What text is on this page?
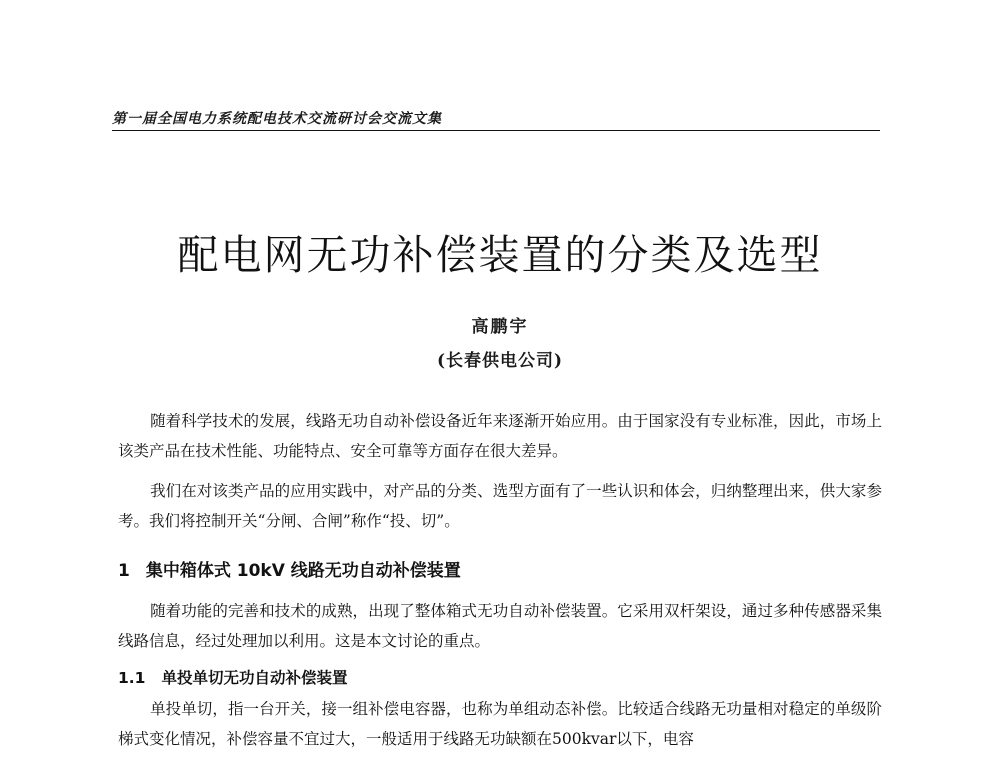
第一届全国电力系统配电技术交流研讨会交流文集
配电网无功补偿装置的分类及选型
高鹏宇
(长春供电公司)
随着科学技术的发展，线路无功自动补偿设备近年来逐渐开始应用。由于国家没有专业标准，因此，市场上该类产品在技术性能、功能特点、安全可靠等方面存在很大差异。
我们在对该类产品的应用实践中，对产品的分类、选型方面有了一些认识和体会，归纳整理出来，供大家参考。我们将控制开关“分闸、合闸”称作“投、切”。
1 集中箱体式 10kV 线路无功自动补偿装置
随着功能的完善和技术的成熟，出现了整体箱式无功自动补偿装置。它采用双杆架设，通过多种传感器采集线路信息，经过处理加以利用。这是本文讨论的重点。
1.1 单投单切无功自动补偿装置
单投单切，指一台开关，接一组补偿电容器，也称为单组动态补偿。比较适合线路无功量相对稳定的单级阶梯式变化情况，补偿容量不宜过大，一般适用于线路无功缺额在500kvar以下，电容
